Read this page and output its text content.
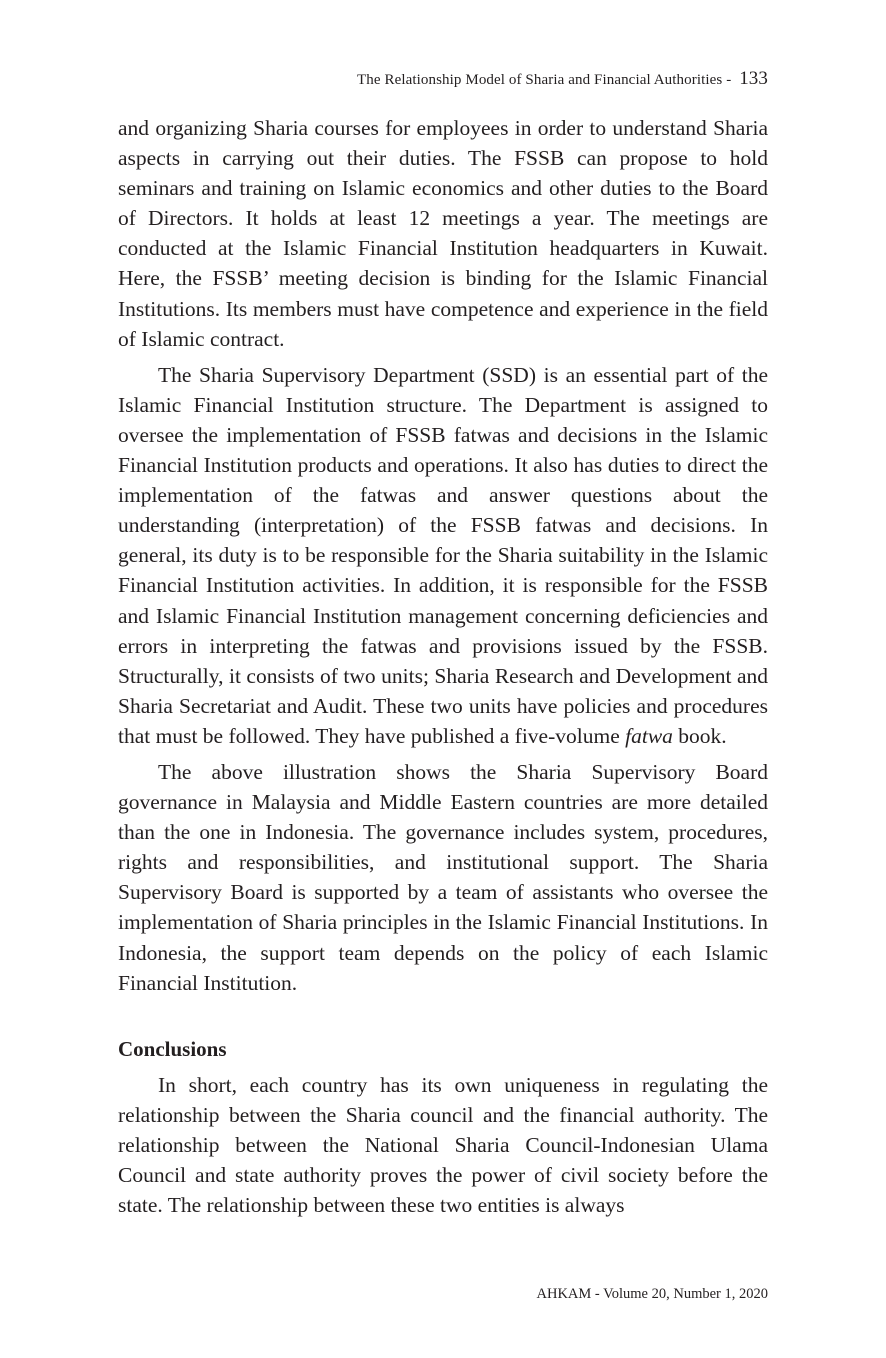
The Relationship Model of Sharia and Financial Authorities - 133

and organizing Sharia courses for employees in order to understand Sharia aspects in carrying out their duties. The FSSB can propose to hold seminars and training on Islamic economics and other duties to the Board of Directors. It holds at least 12 meetings a year. The meetings are conducted at the Islamic Financial Institution headquarters in Kuwait. Here, the FSSB’ meeting decision is binding for the Islamic Financial Institutions. Its members must have competence and experience in the field of Islamic contract.

The Sharia Supervisory Department (SSD) is an essential part of the Islamic Financial Institution structure. The Department is assigned to oversee the implementation of FSSB fatwas and decisions in the Islamic Financial Institution products and operations. It also has duties to direct the implementation of the fatwas and answer questions about the understanding (interpretation) of the FSSB fatwas and decisions. In general, its duty is to be responsible for the Sharia suitability in the Islamic Financial Institution activities. In addition, it is responsible for the FSSB and Islamic Financial Institution management concerning deficiencies and errors in interpreting the fatwas and provisions issued by the FSSB. Structurally, it consists of two units; Sharia Research and Development and Sharia Secretariat and Audit. These two units have policies and procedures that must be followed. They have published a five-volume fatwa book.

The above illustration shows the Sharia Supervisory Board governance in Malaysia and Middle Eastern countries are more detailed than the one in Indonesia. The governance includes system, procedures, rights and responsibilities, and institutional support. The Sharia Supervisory Board is supported by a team of assistants who oversee the implementation of Sharia principles in the Islamic Financial Institutions. In Indonesia, the support team depends on the policy of each Islamic Financial Institution.

Conclusions

In short, each country has its own uniqueness in regulating the relationship between the Sharia council and the financial authority. The relationship between the National Sharia Council-Indonesian Ulama Council and state authority proves the power of civil society before the state. The relationship between these two entities is always

AHKAM - Volume 20, Number 1, 2020
